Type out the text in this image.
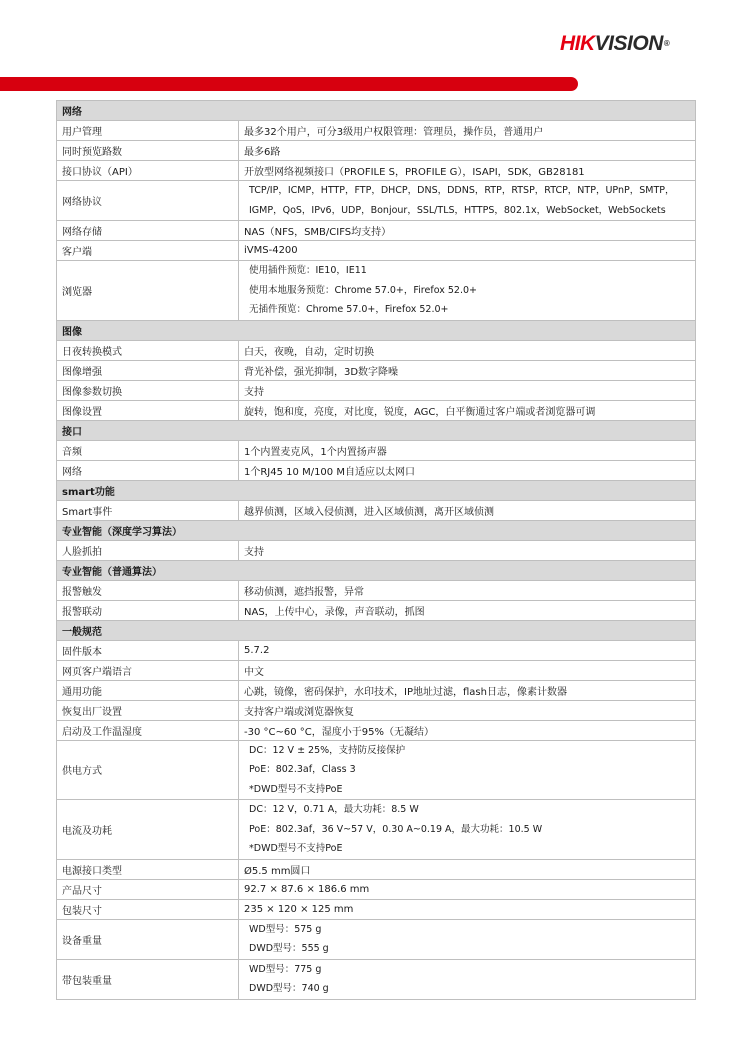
HIKVISION®
网络	
用户管理	最多32个用户，可分3级用户权限管理：管理员，操作员，普通用户
同时预览路数	最多6路
接口协议（API）	开放型网络视频接口（PROFILE S，PROFILE G），ISAPI，SDK，GB28181
网络协议	TCP/IP，ICMP，HTTP，FTP，DHCP，DNS，DDNS，RTP，RTSP，RTCP，NTP，UPnP，SMTP，
IGMP，QoS，IPv6，UDP，Bonjour，SSL/TLS，HTTPS，802.1x，WebSocket，WebSockets

网络存储	NAS（NFS，SMB/CIFS均支持）
客户端	iVMS-4200
浏览器	使用插件预览：IE10，IE11
使用本地服务预览：Chrome 57.0+，Firefox 52.0+
无插件预览：Chrome 57.0+，Firefox 52.0+

图像	
日夜转换模式	白天，夜晚，自动，定时切换
图像增强	背光补偿，强光抑制，3D数字降噪
图像参数切换	支持
图像设置	旋转，饱和度，亮度，对比度，锐度，AGC，白平衡通过客户端或者浏览器可调
接口	
音频	1个内置麦克风，1个内置扬声器
网络	1个RJ45 10 M/100 M自适应以太网口
smart功能	
Smart事件	越界侦测，区域入侵侦测，进入区域侦测，离开区域侦测
专业智能（深度学习算法）	
人脸抓拍	支持
专业智能（普通算法）	
报警触发	移动侦测，遮挡报警，异常
报警联动	NAS，上传中心，录像，声音联动，抓图
一般规范	
固件版本	5.7.2
网页客户端语言	中文
通用功能	心跳，镜像，密码保护，水印技术，IP地址过滤，flash日志，像素计数器
恢复出厂设置	支持客户端或浏览器恢复
启动及工作温湿度	-30 °C~60 °C，湿度小于95%（无凝结）
供电方式	DC：12 V ± 25%，支持防反接保护
PoE：802.3af，Class 3
*DWD型号不支持PoE

电流及功耗	DC：12 V，0.71 A，最大功耗：8.5 W
PoE：802.3af，36 V~57 V，0.30 A~0.19 A，最大功耗：10.5 W
*DWD型号不支持PoE

电源接口类型	Ø5.5 mm圆口
产品尺寸	92.7 × 87.6 × 186.6 mm
包装尺寸	235 × 120 × 125 mm
设备重量	WD型号：575 g
DWD型号：555 g

带包装重量	WD型号：775 g
DWD型号：740 g
